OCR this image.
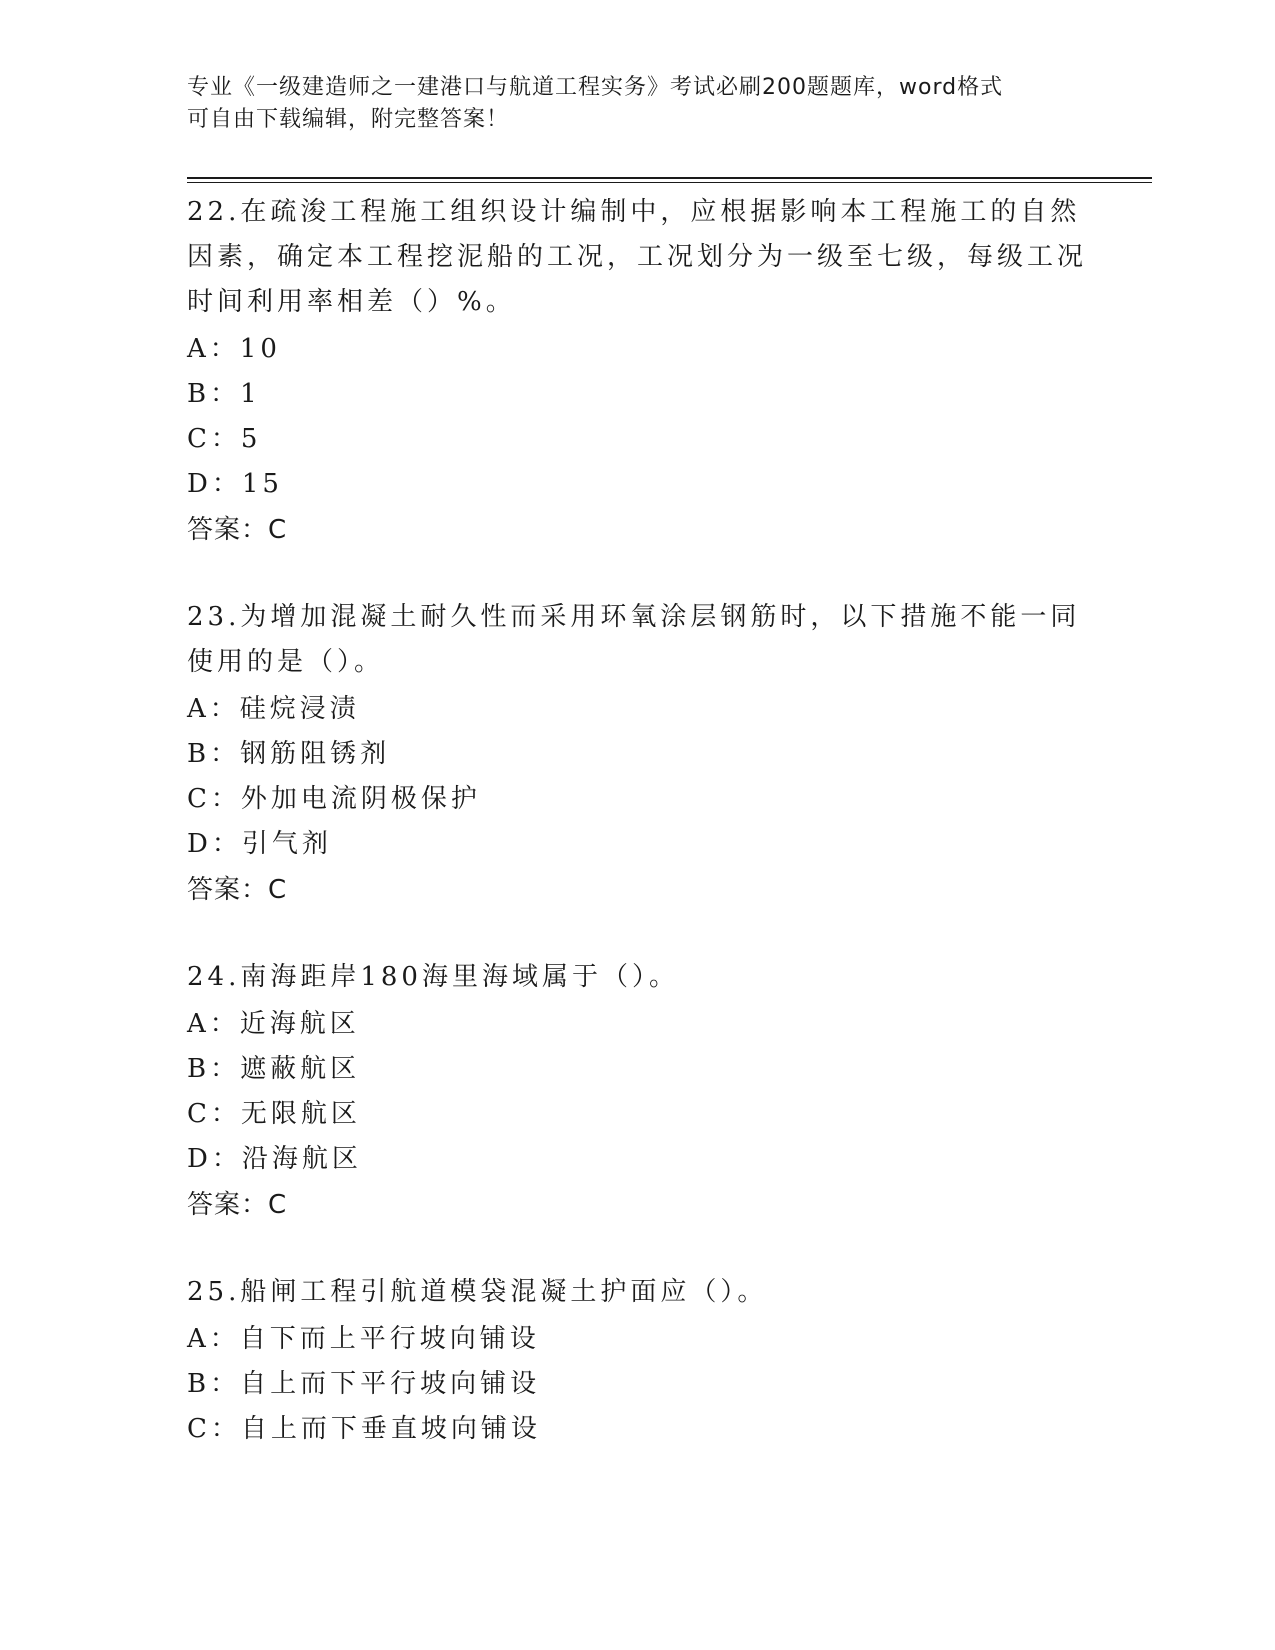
专业《一级建造师之一建港口与航道工程实务》考试必刷200题题库，word格式
可自由下载编辑，附完整答案！
22.在疏浚工程施工组织设计编制中，应根据影响本工程施工的自然因素，确定本工程挖泥船的工况，工况划分为一级至七级，每级工况时间利用率相差（）%。
A：10
B：1
C：5
D：15
答案：C
23.为增加混凝土耐久性而采用环氧涂层钢筋时，以下措施不能一同使用的是（）。
A：硅烷浸渍
B：钢筋阻锈剂
C：外加电流阴极保护
D：引气剂
答案：C
24.南海距岸180海里海域属于（）。
A：近海航区
B：遮蔽航区
C：无限航区
D：沿海航区
答案：C
25.船闸工程引航道模袋混凝土护面应（）。
A：自下而上平行坡向铺设
B：自上而下平行坡向铺设
C：自上而下垂直坡向铺设
